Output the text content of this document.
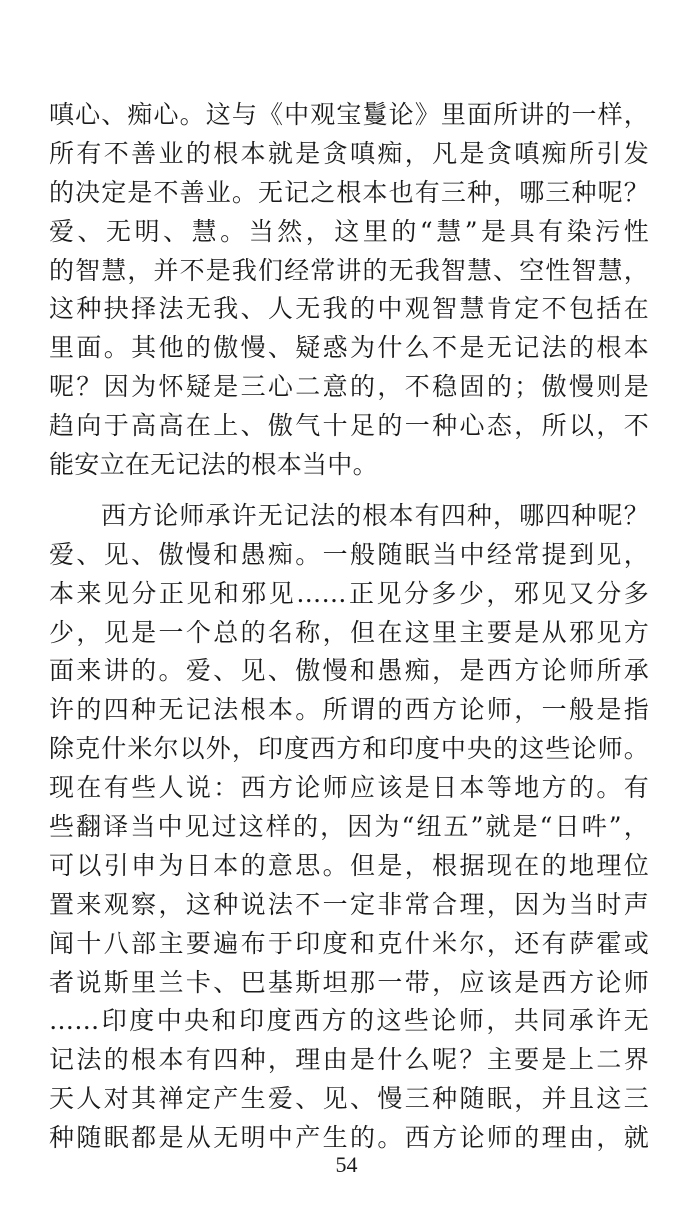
嗔心、痴心。这与《中观宝鬘论》里面所讲的一样，
所有不善业的根本就是贪嗔痴，凡是贪嗔痴所引发
的决定是不善业。无记之根本也有三种，哪三种呢？
爱、无明、慧。当然，这里的“慧”是具有染污性
的智慧，并不是我们经常讲的无我智慧、空性智慧，
这种抉择法无我、人无我的中观智慧肯定不包括在
里面。其他的傲慢、疑惑为什么不是无记法的根本
呢？因为怀疑是三心二意的，不稳固的；傲慢则是
趋向于高高在上、傲气十足的一种心态，所以，不
能安立在无记法的根本当中。
西方论师承许无记法的根本有四种，哪四种呢？
爱、见、傲慢和愚痴。一般随眠当中经常提到见，
本来见分正见和邪见……正见分多少，邪见又分多
少，见是一个总的名称，但在这里主要是从邪见方
面来讲的。爱、见、傲慢和愚痴，是西方论师所承
许的四种无记法根本。所谓的西方论师，一般是指
除克什米尔以外，印度西方和印度中央的这些论师。
现在有些人说：西方论师应该是日本等地方的。有
些翻译当中见过这样的，因为“纽五”就是“日吽”，
可以引申为日本的意思。但是，根据现在的地理位
置来观察，这种说法不一定非常合理，因为当时声
闻十八部主要遍布于印度和克什米尔，还有萨霍或
者说斯里兰卡、巴基斯坦那一带，应该是西方论师
……印度中央和印度西方的这些论师，共同承许无
记法的根本有四种，理由是什么呢？主要是上二界
天人对其禅定产生爱、见、慢三种随眠，并且这三
种随眠都是从无明中产生的。西方论师的理由，就
54
